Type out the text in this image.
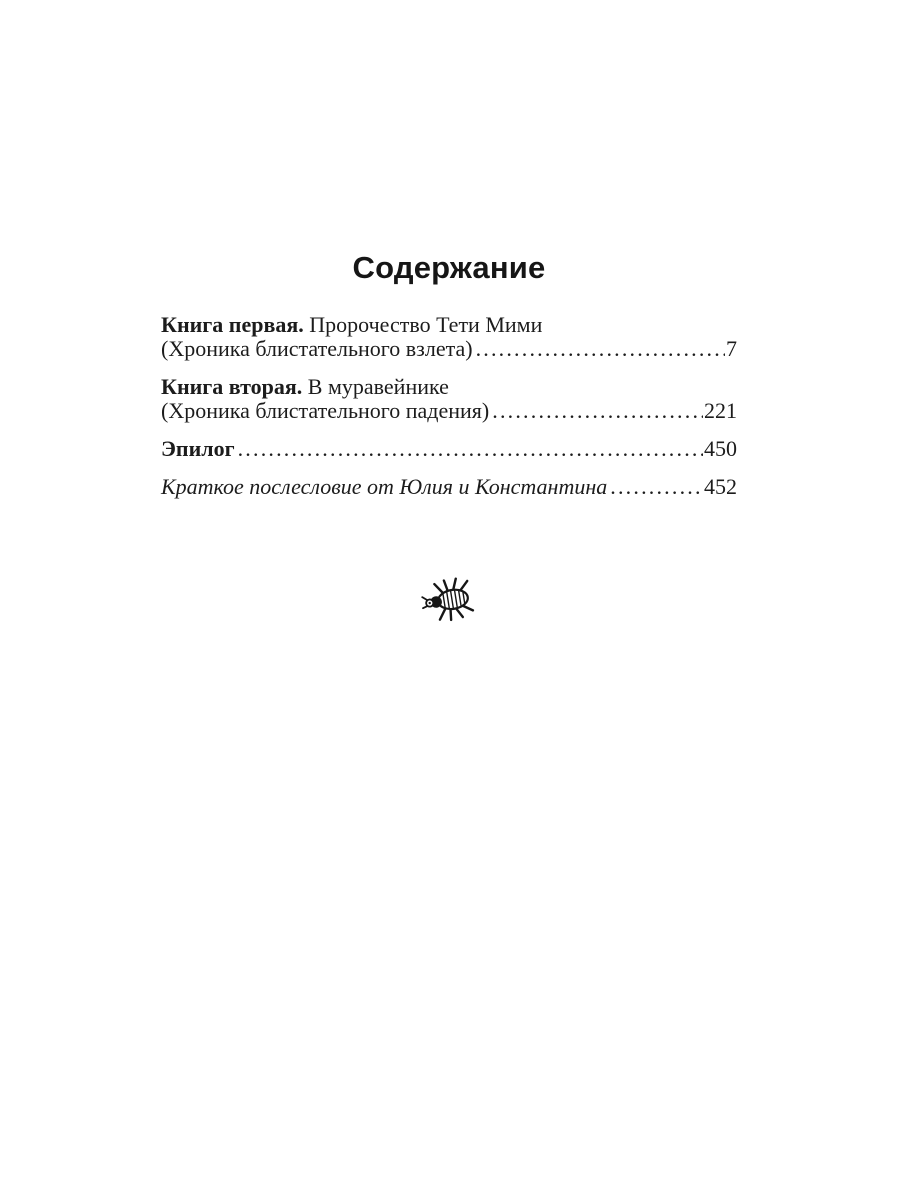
Содержание
Книга первая. Пророчество Тети Мими
(Хроника блистательного взлета) .....	7
Книга вторая. В муравейнике
(Хроника блистательного падения) .....	221
Эпилог .....	450
Краткое послесловие от Юлия и Константина .....	452
